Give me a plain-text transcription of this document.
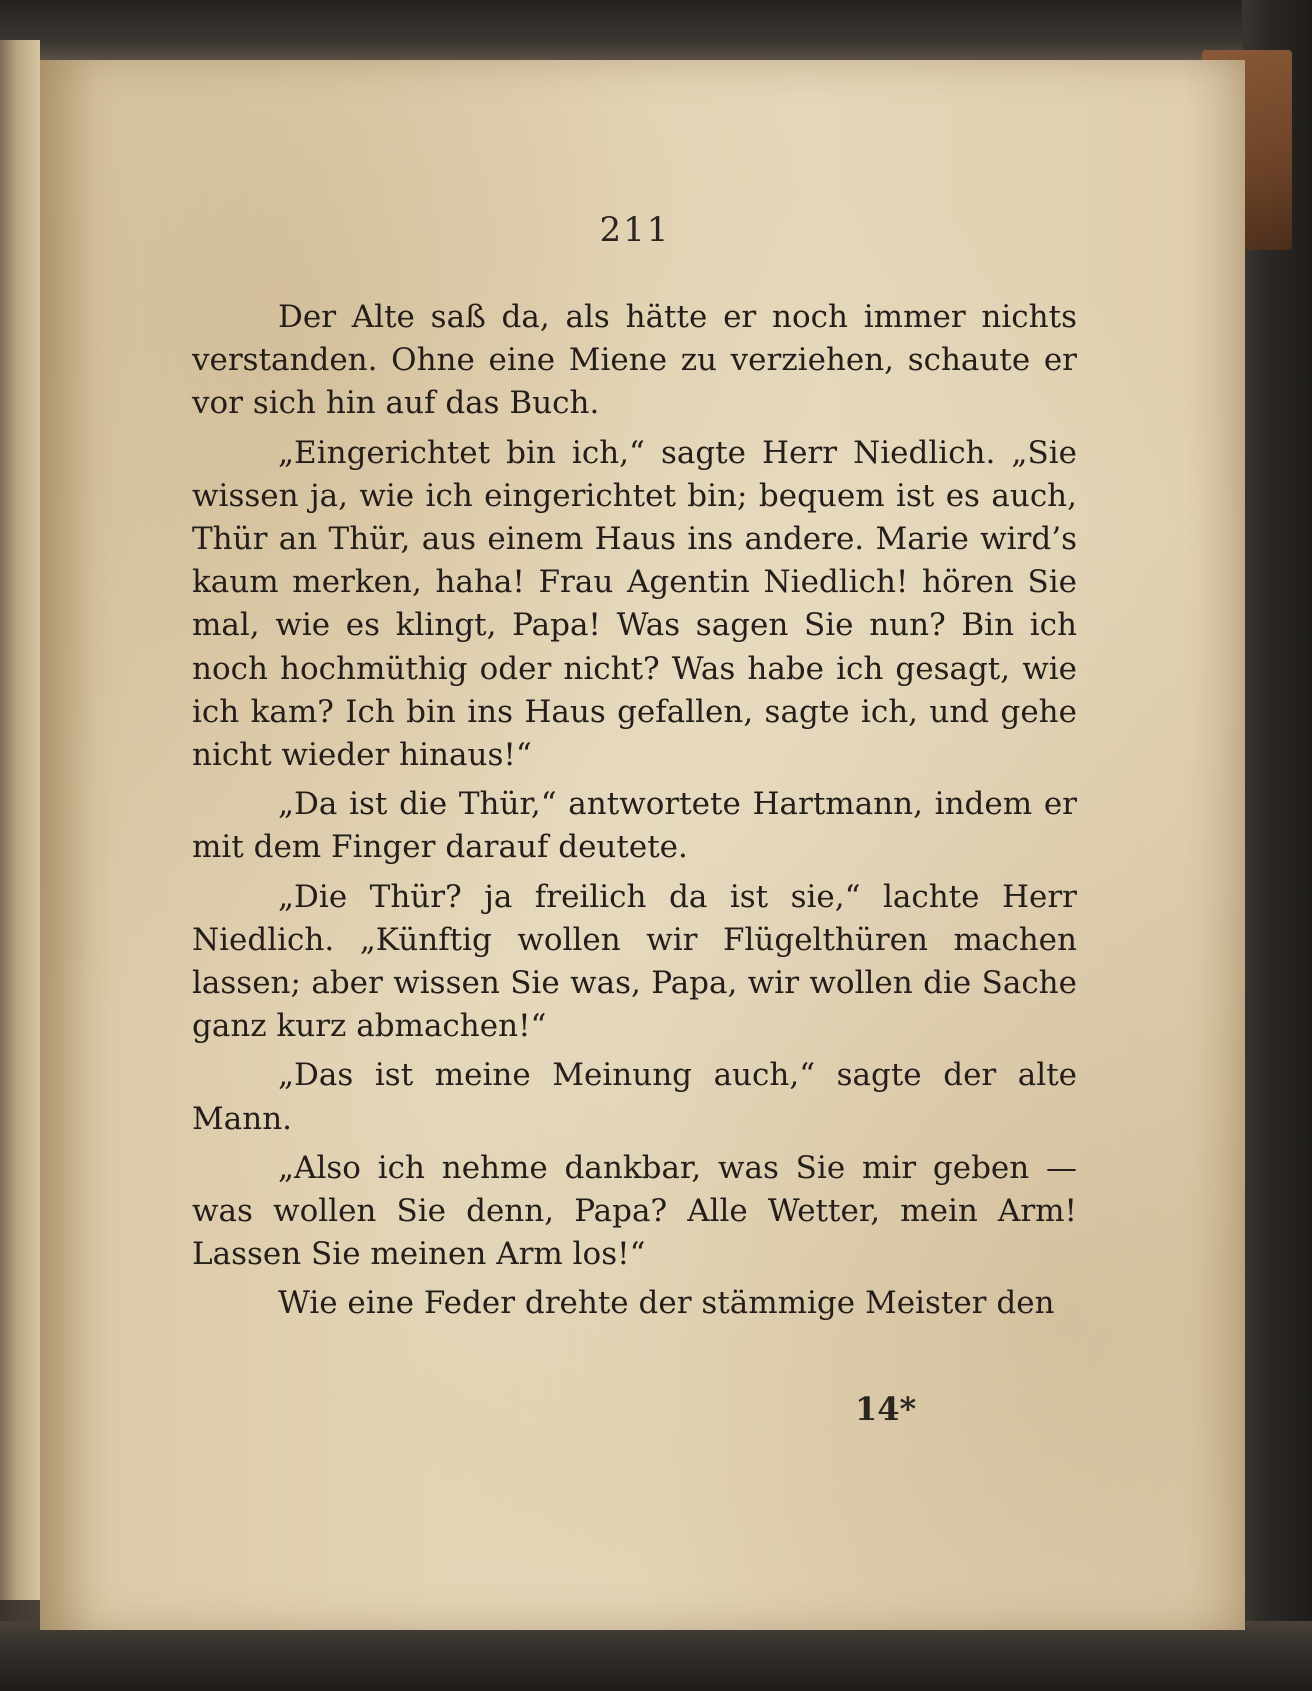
211

Der Alte saß da, als hätte er noch immer nichts verstanden. Ohne eine Miene zu verziehen, schaute er vor sich hin auf das Buch.

„Eingerichtet bin ich,“ sagte Herr Niedlich. „Sie wissen ja, wie ich eingerichtet bin; bequem ist es auch, Thür an Thür, aus einem Haus ins andere. Marie wird’s kaum merken, haha! Frau Agentin Niedlich! hören Sie mal, wie es klingt, Papa! Was sagen Sie nun? Bin ich noch hochmüthig oder nicht? Was habe ich gesagt, wie ich kam? Ich bin ins Haus gefallen, sagte ich, und gehe nicht wieder hinaus!“

„Da ist die Thür,“ antwortete Hartmann, indem er mit dem Finger darauf deutete.

„Die Thür? ja freilich da ist sie,“ lachte Herr Niedlich. „Künftig wollen wir Flügelthüren machen lassen; aber wissen Sie was, Papa, wir wollen die Sache ganz kurz abmachen!“

„Das ist meine Meinung auch,“ sagte der alte Mann.

„Also ich nehme dankbar, was Sie mir geben — was wollen Sie denn, Papa? Alle Wetter, mein Arm! Lassen Sie meinen Arm los!“

Wie eine Feder drehte der stämmige Meister den

14*
